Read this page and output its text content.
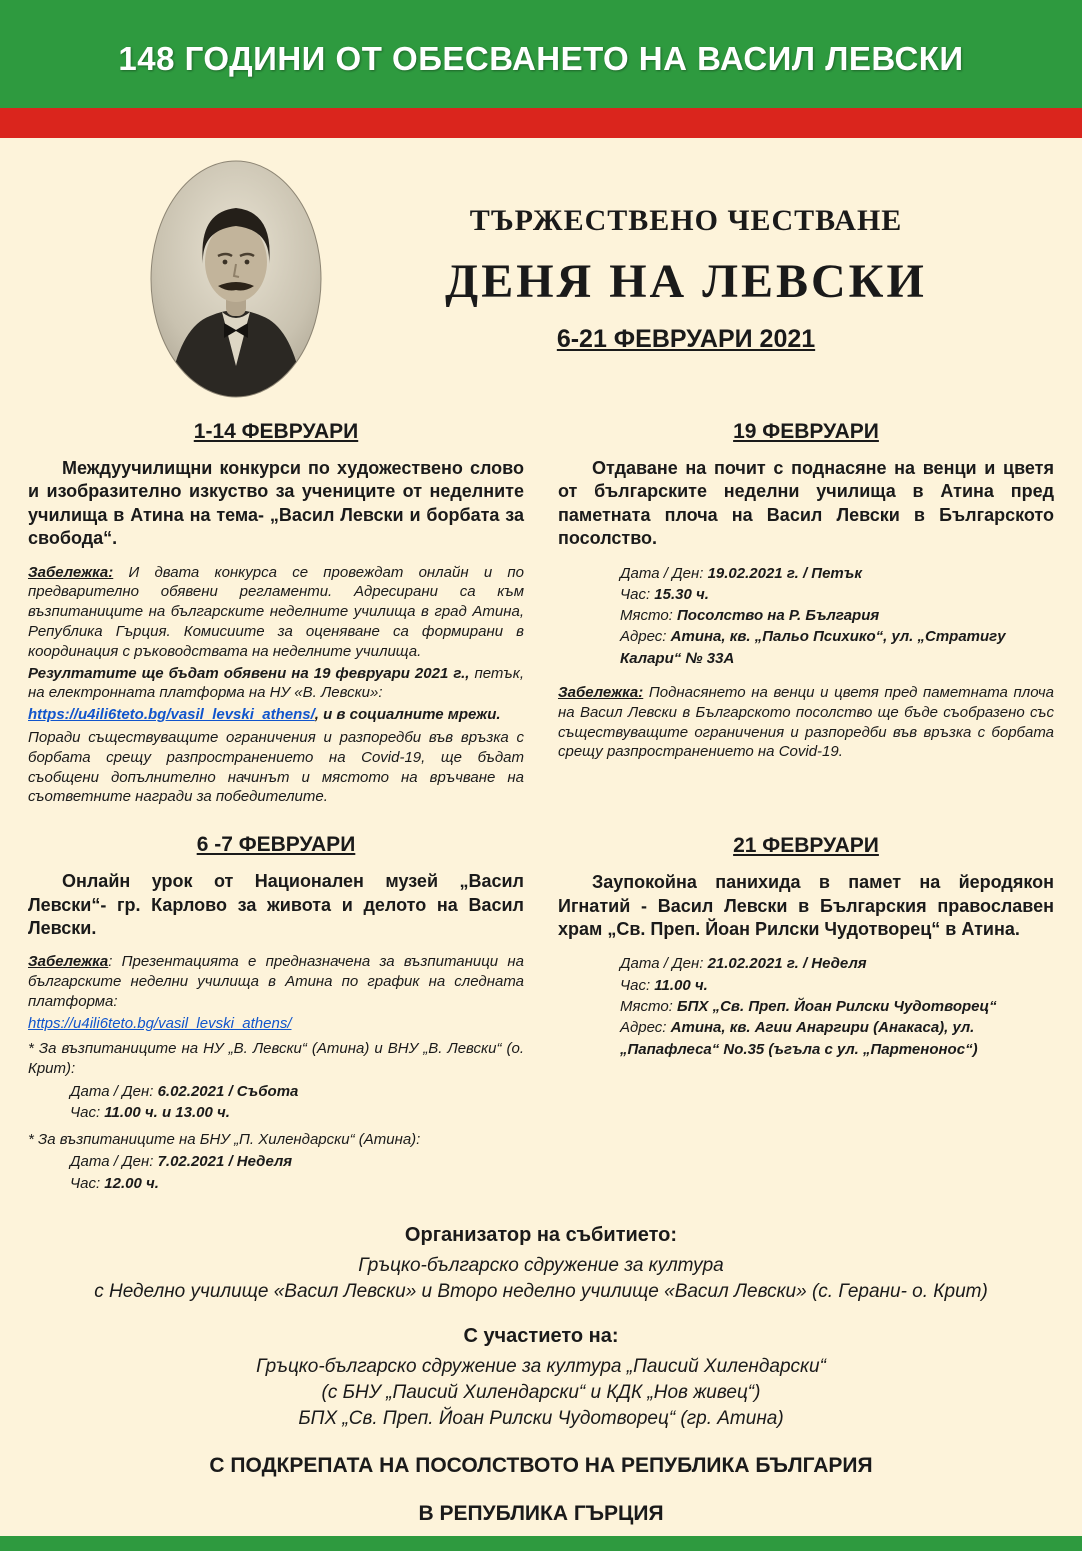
148 ГОДИНИ ОТ ОБЕСВАНЕТО НА ВАСИЛ ЛЕВСКИ
ТЪРЖЕСТВЕНО ЧЕСТВАНЕ
ДЕНЯ НА ЛЕВСКИ
6-21 ФЕВРУАРИ 2021
1-14 ФЕВРУАРИ

Междуучилищни конкурси по художествено слово и изобразително изкуство за учениците от неделните училища в Атина на тема- „Васил Левски и борбата за свобода“.

Забележка: И двата конкурса се провеждат онлайн и по предварително обявени регламенти. Адресирани са към възпитаниците на българските неделните училища в град Атина, Република Гърция. Комисиите за оценяване са формирани в координация с ръководствата на неделните училища.

Резултатите ще бъдат обявени на 19 февруари 2021 г., петък, на електронната платформа на НУ «В. Левски»:

https://u4ili6teto.bg/vasil_levski_athens/, и в социалните мрежи.

Поради съществуващите ограничения и разпоредби във връзка с борбата срещу разпространението на Covid-19, ще бъдат съобщени допълнително начинът и мястото на връчване на съответните награди за победителите.

6 -7 ФЕВРУАРИ

Онлайн урок от Национален музей „Васил Левски“- гр. Карлово за живота и делото на Васил Левски.

Забележка: Презентацията е предназначена за възпитаници на българските неделни училища в Атина по график на следната платформа:

https://u4ili6teto.bg/vasil_levski_athens/

* За възпитаниците на НУ „В. Левски“ (Атина) и ВНУ „В. Левски“ (о. Крит):

Дата / Ден: 6.02.2021 / Събота
Час: 11.00 ч. и 13.00 ч.

* За възпитаниците на БНУ „П. Хилендарски“ (Атина):

Дата / Ден: 7.02.2021 / Неделя
Час: 12.00 ч.
19 ФЕВРУАРИ

Отдаване на почит с поднасяне на венци и цветя от българските неделни училища в Атина пред паметната плоча на Васил Левски в Българското посолство.

Дата / Ден: 19.02.2021 г. / Петък
Час: 15.30 ч.
Място: Посолство на Р. България
Адрес: Атина, кв. „Пальо Психико“, ул. „Стратигу Калари“ № 33А

Забележка: Поднасянето на венци и цветя пред паметната плоча на Васил Левски в Българското посолство ще бъде съобразено със съществуващите ограничения и разпоредби във връзка с борбата срещу разпространението на Covid-19.

21 ФЕВРУАРИ

Заупокойна панихида в памет на йеродякон Игнатий - Васил Левски в Българския православен храм „Св. Преп. Йоан Рилски Чудотворец“ в Атина.

Дата / Ден: 21.02.2021 г. / Неделя
Час: 11.00 ч.
Място: БПХ „Св. Преп. Йоан Рилски Чудотворец“
Адрес: Атина, кв. Агии Анаргири (Анакаса), ул. „Папафлеса“ No.35 (ъгъла с ул. „Партенонос“)

Организатор на събитието:

Гръцко-българско сдружение за култура

с Неделно училище «Васил Левски» и Второ неделно училище «Васил Левски» (с. Герани- о. Крит)

С участието на:

Гръцко-българско сдружение за култура „Паисий Хилендарски“

(с БНУ „Паисий Хилендарски“ и КДК „Нов живец“)

БПХ „Св. Преп. Йоан Рилски Чудотворец“ (гр. Атина)

С ПОДКРЕПАТА НА ПОСОЛСТВОТО НА РЕПУБЛИКА БЪЛГАРИЯ

В РЕПУБЛИКА ГЪРЦИЯ
